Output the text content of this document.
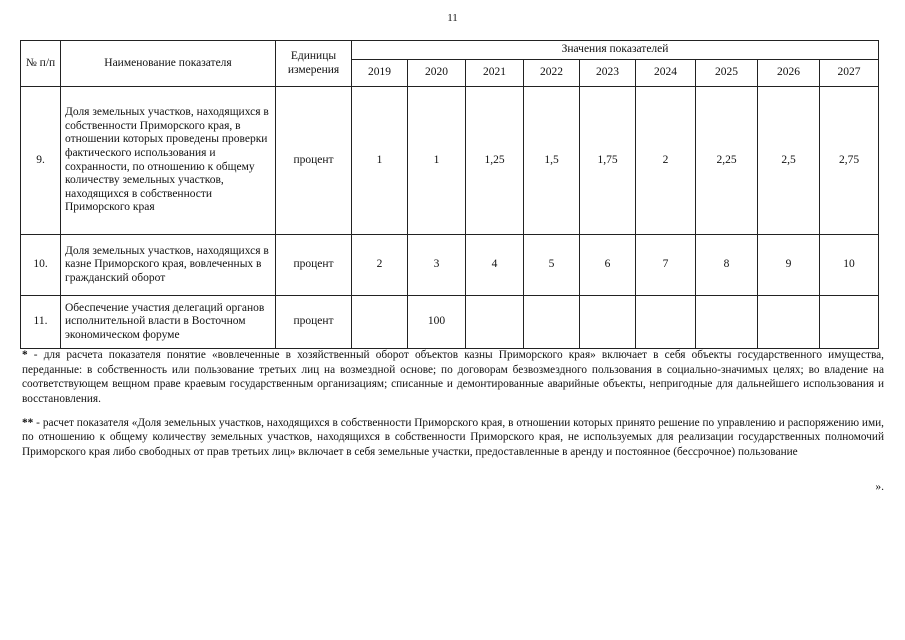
11
№ п/п	Наименование показателя	Единицы измерения	Значения показателей								
			2019	2020	2021	2022	2023	2024	2025	2026	2027
9.	Доля земельных участков, находящихся в собственности Приморского края, в отношении которых проведены проверки фактического использования и сохранности, по отношению к общему количеству земельных участков, находящихся в собственности Приморского края	процент	1	1	1,25	1,5	1,75	2	2,25	2,5	2,75
10.	Доля земельных участков, находящихся в казне Приморского края, вовлеченных в гражданский оборот	процент	2	3	4	5	6	7	8	9	10
11.	Обеспечение участия делегаций органов исполнительной власти в Восточном экономическом форуме	процент		100							

* - для расчета показателя понятие «вовлеченные в хозяйственный оборот объектов казны Приморского края» включает в себя объекты государственного имущества, переданные: в собственность или пользование третьих лиц на возмездной основе; по договорам безвозмездного пользования в социально-значимых целях; во владение на соответствующем вещном праве краевым государственным организациям; списанные и демонтированные аварийные объекты, непригодные для дальнейшего использования и восстановления.

** - расчет показателя «Доля земельных участков, находящихся в собственности Приморского края, в отношении которых принято решение по управлению и распоряжению ими, по отношению к общему количеству земельных участков, находящихся в собственности Приморского края, не используемых для реализации государственных полномочий Приморского края либо свободных от прав третьих лиц» включает в себя земельные участки, предоставленные в аренду и постоянное (бессрочное) пользование

».
